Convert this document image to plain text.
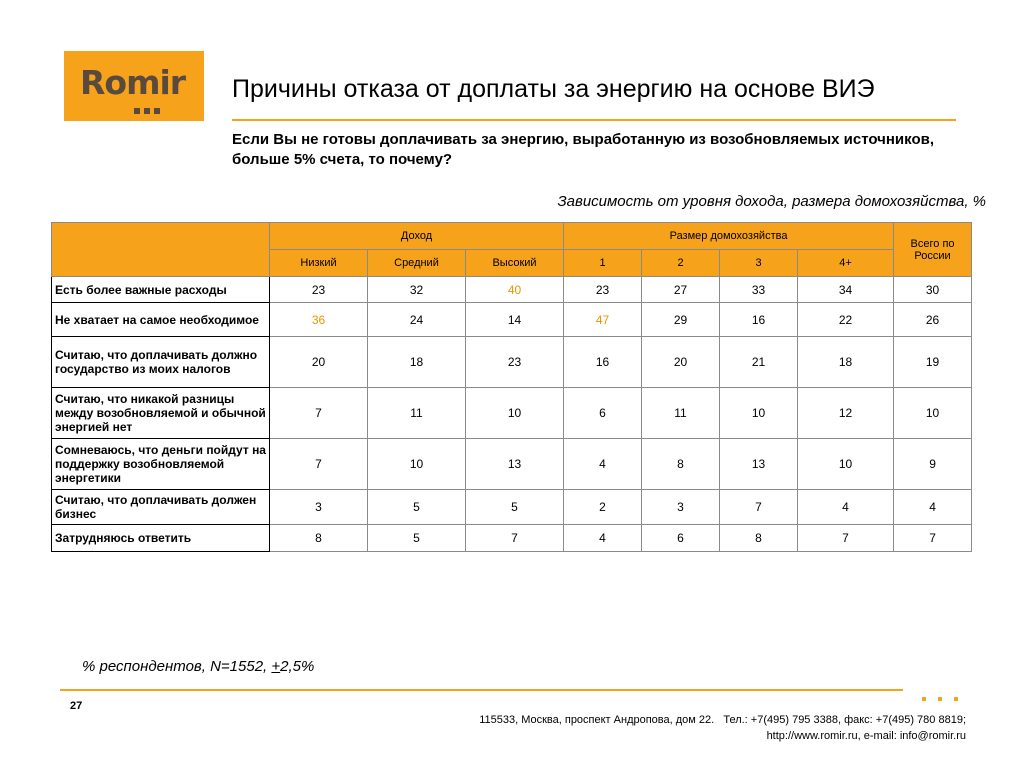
Romir Причины отказа от доплаты за энергию на основе ВИЭ
Если Вы не готовы доплачивать за энергию, выработанную из возобновляемых источников, больше 5% счета, то почему?
Зависимость от уровня дохода, размера домохозяйства, %
	Доход			Размер домохозяйства				Всего по России
	Низкий	Средний	Высокий	1	2	3	4+	
Есть более важные расходы	23	32	40	23	27	33	34	30
Не хватает на самое необходимое	36	24	14	47	29	16	22	26
Считаю, что доплачивать должно государство из моих налогов	20	18	23	16	20	21	18	19
Считаю, что никакой разницы между возобновляемой и обычной энергией нет	7	11	10	6	11	10	12	10
Сомневаюсь, что деньги пойдут на поддержку возобновляемой энергетики	7	10	13	4	8	13	10	9
Считаю, что доплачивать должен бизнес	3	5	5	2	3	7	4	4
Затрудняюсь ответить	8	5	7	4	6	8	7	7
% респондентов, N=1552, +2,5%
27
115533, Москва, проспект Андропова, дом 22.   Тел.: +7(495) 795 3388, факс: +7(495) 780 8819;
http://www.romir.ru, e-mail: info@romir.ru
